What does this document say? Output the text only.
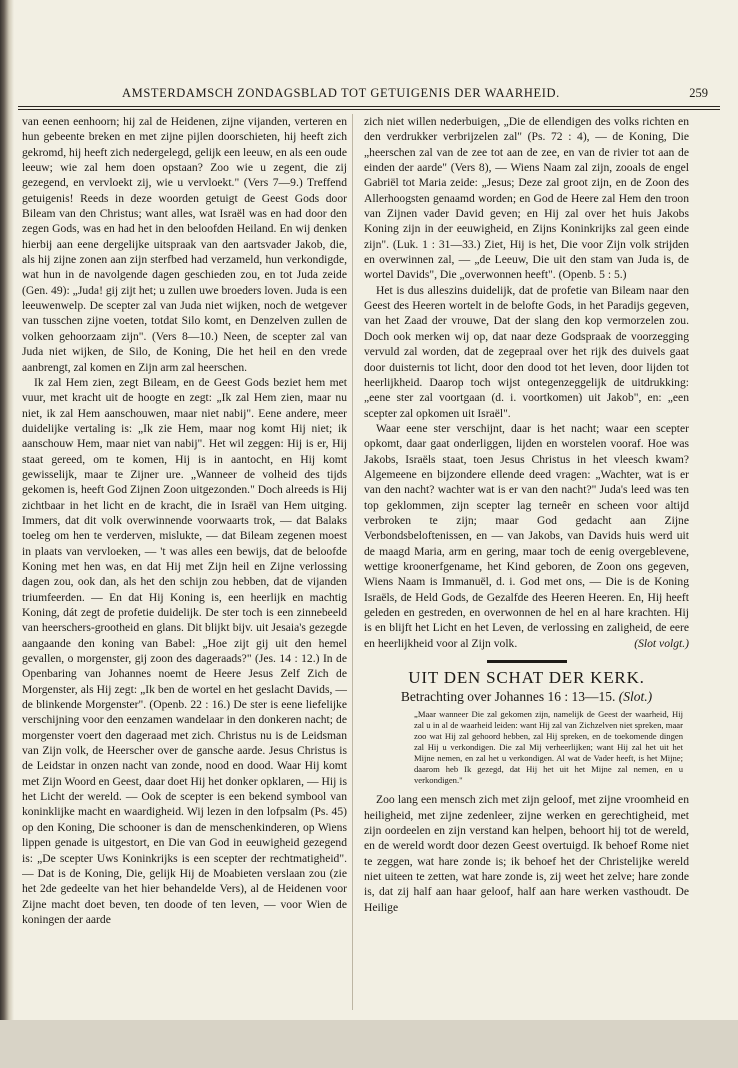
AMSTERDAMSCH ZONDAGSBLAD TOT GETUIGENIS DER WAARHEID.	259

van eenen eenhoorn; hij zal de Heidenen, zijne vijanden, verteren en hun gebeente breken en met zijne pijlen doorschieten, hij heeft zich gekromd, hij heeft zich nedergelegd, gelijk een leeuw, en als een oude leeuw; wie zal hem doen opstaan? Zoo wie u zegent, die zij gezegend, en vervloekt zij, wie u vervloekt." (Vers 7—9.) Treffend getuigenis! Reeds in deze woorden getuigt de Geest Gods door Bileam van den Christus; want alles, wat Israël was en had door den zegen Gods, was en had het in den beloofden Heiland. En wij denken hierbij aan eene dergelijke uitspraak van den aartsvader Jakob, die, als hij zijne zonen aan zijn sterfbed had verzameld, hun verkondigde, wat hun in de navolgende dagen geschieden zou, en tot Juda zeide (Gen. 49): „Juda! gij zijt het; u zullen uwe broeders loven. Juda is een leeuwenwelp. De scepter zal van Juda niet wijken, noch de wetgever van tusschen zijne voeten, totdat Silo komt, en Denzelven zullen de volken gehoorzaam zijn". (Vers 8—10.) Neen, de scepter zal van Juda niet wijken, de Silo, de Koning, Die het heil en den vrede aanbrengt, zal komen en Zijn arm zal heerschen.

Ik zal Hem zien, zegt Bileam, en de Geest Gods beziet hem met vuur, met kracht uit de hoogte en zegt: „Ik zal Hem zien, maar nu niet, ik zal Hem aanschouwen, maar niet nabij". Eene andere, meer duidelijke vertaling is: „Ik zie Hem, maar nog komt Hij niet; ik aanschouw Hem, maar niet van nabij". Het wil zeggen: Hij is er, Hij staat gereed, om te komen, Hij is in aantocht, en Hij komt gewisselijk, maar te Zijner ure. „Wanneer de volheid des tijds gekomen is, heeft God Zijnen Zoon uitgezonden." Doch alreeds is Hij zichtbaar in het licht en de kracht, die in Israël van Hem uitging. Immers, dat dit volk overwinnende voorwaarts trok, — dat Balaks toeleg om hen te verderven, mislukte, — dat Bileam zegenen moest in plaats van vervloeken, — 't was alles een bewijs, dat de beloofde Koning met hen was, en dat Hij met Zijn heil en Zijne verlossing dagen zou, ook dan, als het den schijn zou hebben, dat de vijanden triumfeerden. — En dat Hij Koning is, een heerlijk en machtig Koning, dát zegt de profetie duidelijk. De ster toch is een zinnebeeld van heerschers-grootheid en glans. Dit blijkt bijv. uit Jesaia's gezegde aangaande den koning van Babel: „Hoe zijt gij uit den hemel gevallen, o morgenster, gij zoon des dageraads?" (Jes. 14 : 12.) In de Openbaring van Johannes noemt de Heere Jesus Zelf Zich de Morgenster, als Hij zegt: „Ik ben de wortel en het geslacht Davids, — de blinkende Morgenster". (Openb. 22 : 16.) De ster is eene liefelijke verschijning voor den eenzamen wandelaar in den donkeren nacht; de morgenster voert den dageraad met zich. Christus nu is de Leidsman van Zijn volk, de Heerscher over de gansche aarde. Jesus Christus is de Leidstar in onzen nacht van zonde, nood en dood. Waar Hij komt met Zijn Woord en Geest, daar doet Hij het donker opklaren, — Hij is het Licht der wereld. — Ook de scepter is een bekend symbool van koninklijke macht en waardigheid. Wij lezen in den lofpsalm (Ps. 45) op den Koning, Die schooner is dan de menschenkinderen, op Wiens lippen genade is uitgestort, en Die van God in eeuwigheid gezegend is: „De scepter Uws Koninkrijks is een scepter der rechtmatigheid". — Dat is de Koning, Die, gelijk Hij de Moabieten verslaan zou (zie het 2de gedeelte van het hier behandelde Vers), al de Heidenen voor Zijne macht doet beven, ten doode of ten leven, — voor Wien de koningen der aarde

zich niet willen nederbuigen, „Die de ellendigen des volks richten en den verdrukker verbrijzelen zal" (Ps. 72 : 4), — de Koning, Die „heerschen zal van de zee tot aan de zee, en van de rivier tot aan de einden der aarde" (Vers 8), — Wiens Naam zal zijn, zooals de engel Gabriël tot Maria zeide: „Jesus; Deze zal groot zijn, en de Zoon des Allerhoogsten genaamd worden; en God de Heere zal Hem den troon van Zijnen vader David geven; en Hij zal over het huis Jakobs Koning zijn in der eeuwigheid, en Zijns Koninkrijks zal geen einde zijn". (Luk. 1 : 31—33.) Ziet, Hij is het, Die voor Zijn volk strijden en overwinnen zal, — „de Leeuw, Die uit den stam van Juda is, de wortel Davids", Die „overwonnen heeft". (Openb. 5 : 5.)

Het is dus alleszins duidelijk, dat de profetie van Bileam naar den Geest des Heeren wortelt in de belofte Gods, in het Paradijs gegeven, van het Zaad der vrouwe, Dat der slang den kop vermorzelen zou. Doch ook merken wij op, dat naar deze Godspraak de voorzegging vervuld zal worden, dat de zegepraal over het rijk des duivels gaat door duisternis tot licht, door den dood tot het leven, door lijden tot heerlijkheid. Daarop toch wijst ontegenzeggelijk de uitdrukking: „eene ster zal voortgaan (d. i. voortkomen) uit Jakob", en: „een scepter zal opkomen uit Israël".

Waar eene ster verschijnt, daar is het nacht; waar een scepter opkomt, daar gaat onderliggen, lijden en worstelen vooraf. Hoe was Jakobs, Israëls staat, toen Jesus Christus in het vleesch kwam? Algemeene en bijzondere ellende deed vragen: „Wachter, wat is er van den nacht? wachter wat is er van den nacht?" Juda's leed was ten top geklommen, zijn scepter lag terneêr en scheen voor altijd verbroken te zijn; maar God gedacht aan Zijne Verbondsbeloftenissen, en — van Jakobs, van Davids huis werd uit de maagd Maria, arm en gering, maar toch de eenig overgeblevene, wettige kroonerfgename, het Kind geboren, de Zoon ons gegeven, Wiens Naam is Immanuël, d. i. God met ons, — Die is de Koning Israëls, de Held Gods, de Gezalfde des Heeren Heeren. En, Hij heeft geleden en gestreden, en overwonnen de hel en al hare krachten. Hij is en blijft het Licht en het Leven, de verlossing en zaligheid, de eere en heerlijkheid voor al Zijn volk.	(Slot volgt.)

UIT DEN SCHAT DER KERK.
Betrachting over Johannes 16 : 13—15. (Slot.)
„Maar wanneer Die zal gekomen zijn, namelijk de Geest der waarheid, Hij zal u in al de waarheid leiden: want Hij zal van Zichzelven niet spreken, maar zoo wat Hij zal gehoord hebben, zal Hij spreken, en de toekomende dingen zal Hij u verkondigen. Die zal Mij verheerlijken; want Hij zal het uit het Mijne nemen, en zal het u verkondigen. Al wat de Vader heeft, is het Mijne; daarom heb Ik gezegd, dat Hij het uit het Mijne zal nemen, en u verkondigen."

Zoo lang een mensch zich met zijn geloof, met zijne vroomheid en heiligheid, met zijne zedenleer, zijne werken en gerechtigheid, met zijn oordeelen en zijn verstand kan helpen, behoort hij tot de wereld, en de wereld wordt door dezen Geest overtuigd. Ik behoef Rome niet te zeggen, wat hare zonde is; ik behoef het der Christelijke wereld niet uiteen te zetten, wat hare zonde is, zij weet het zelve; hare zonde is, dat zij half aan haar geloof, half aan hare werken vasthoudt. De Heilige
